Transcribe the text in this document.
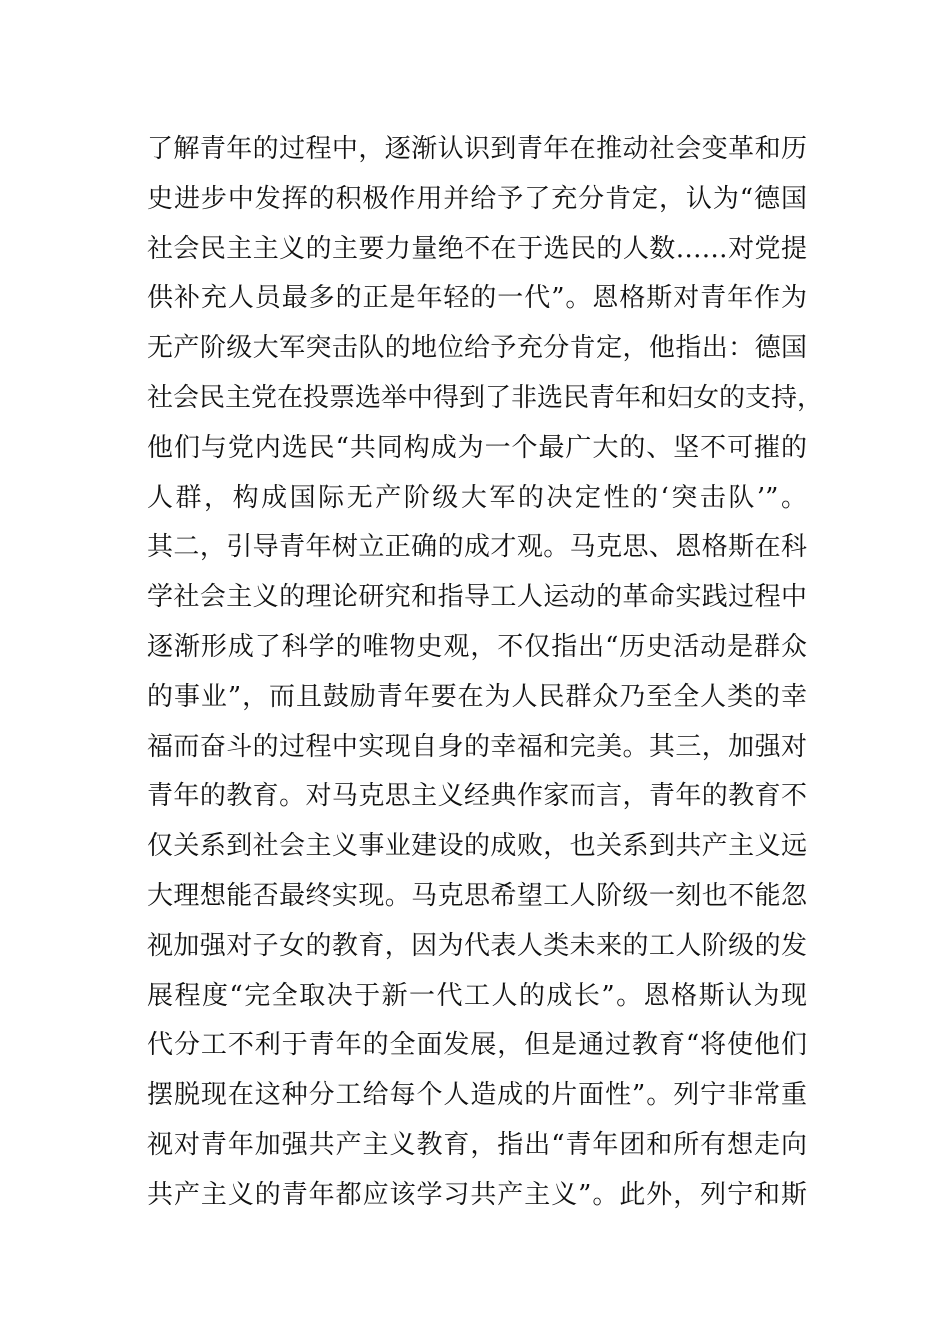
了解青年的过程中，逐渐认识到青年在推动社会变革和历
史进步中发挥的积极作用并给予了充分肯定，认为“德国
社会民主主义的主要力量绝不在于选民的人数……对党提
供补充人员最多的正是年轻的一代”。恩格斯对青年作为
无产阶级大军突击队的地位给予充分肯定，他指出：德国
社会民主党在投票选举中得到了非选民青年和妇女的支持，
他们与党内选民“共同构成为一个最广大的、坚不可摧的
人群，构成国际无产阶级大军的决定性的‘突击队’”。
其二，引导青年树立正确的成才观。马克思、恩格斯在科
学社会主义的理论研究和指导工人运动的革命实践过程中
逐渐形成了科学的唯物史观，不仅指出“历史活动是群众
的事业”，而且鼓励青年要在为人民群众乃至全人类的幸
福而奋斗的过程中实现自身的幸福和完美。其三，加强对
青年的教育。对马克思主义经典作家而言，青年的教育不
仅关系到社会主义事业建设的成败，也关系到共产主义远
大理想能否最终实现。马克思希望工人阶级一刻也不能忽
视加强对子女的教育，因为代表人类未来的工人阶级的发
展程度“完全取决于新一代工人的成长”。恩格斯认为现
代分工不利于青年的全面发展，但是通过教育“将使他们
摆脱现在这种分工给每个人造成的片面性”。列宁非常重
视对青年加强共产主义教育，指出“青年团和所有想走向
共产主义的青年都应该学习共产主义”。此外，列宁和斯
